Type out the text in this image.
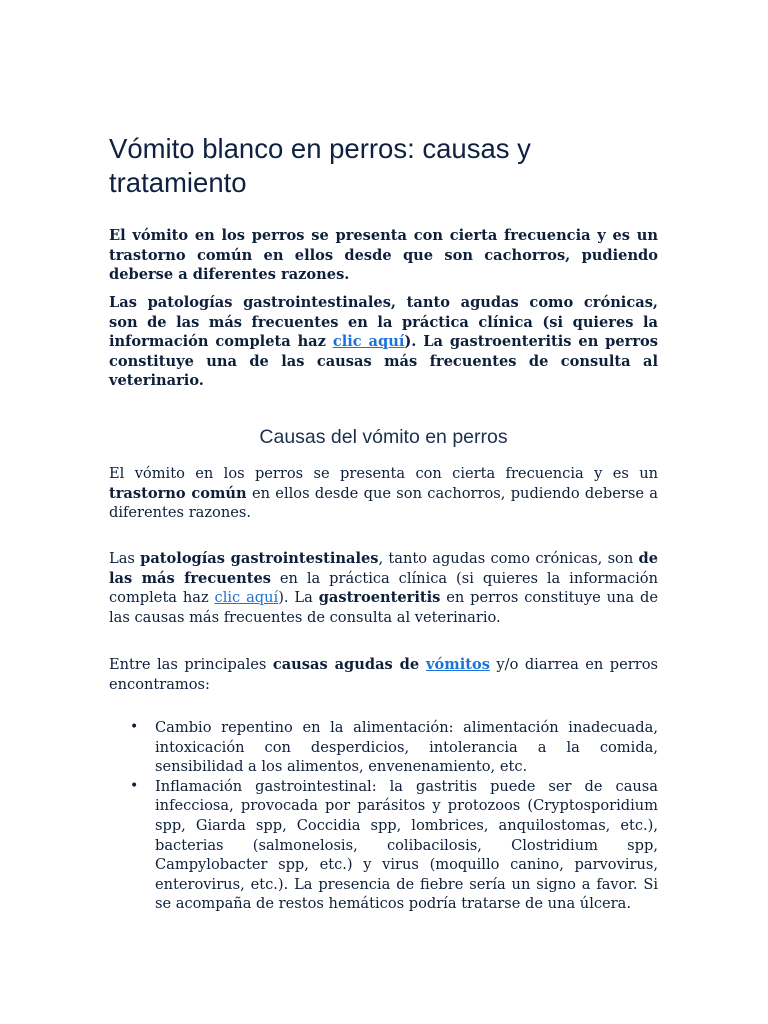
Vómito blanco en perros: causas y tratamiento

El vómito en los perros se presenta con cierta frecuencia y es un trastorno común en ellos desde que son cachorros, pudiendo deberse a diferentes razones.

Las patologías gastrointestinales, tanto agudas como crónicas, son de las más frecuentes en la práctica clínica (si quieres la información completa haz clic aquí). La gastroenteritis en perros constituye una de las causas más frecuentes de consulta al veterinario.

Causas del vómito en perros

El vómito en los perros se presenta con cierta frecuencia y es un trastorno común en ellos desde que son cachorros, pudiendo deberse a diferentes razones.

Las patologías gastrointestinales, tanto agudas como crónicas, son de las más frecuentes en la práctica clínica (si quieres la información completa haz clic aquí). La gastroenteritis en perros constituye una de las causas más frecuentes de consulta al veterinario.

Entre las principales causas agudas de vómitos y/o diarrea en perros encontramos:

• Cambio repentino en la alimentación: alimentación inadecuada, intoxicación con desperdicios, intolerancia a la comida, sensibilidad a los alimentos, envenenamiento, etc.
• Inflamación gastrointestinal: la gastritis puede ser de causa infecciosa, provocada por parásitos y protozoos (Cryptosporidium spp, Giarda spp, Coccidia spp, lombrices, anquilostomas, etc.), bacterias (salmonelosis, colibacilosis, Clostridium spp, Campylobacter spp, etc.) y virus (moquillo canino, parvovirus, enterovirus, etc.). La presencia de fiebre sería un signo a favor. Si se acompaña de restos hemáticos podría tratarse de una úlcera.
